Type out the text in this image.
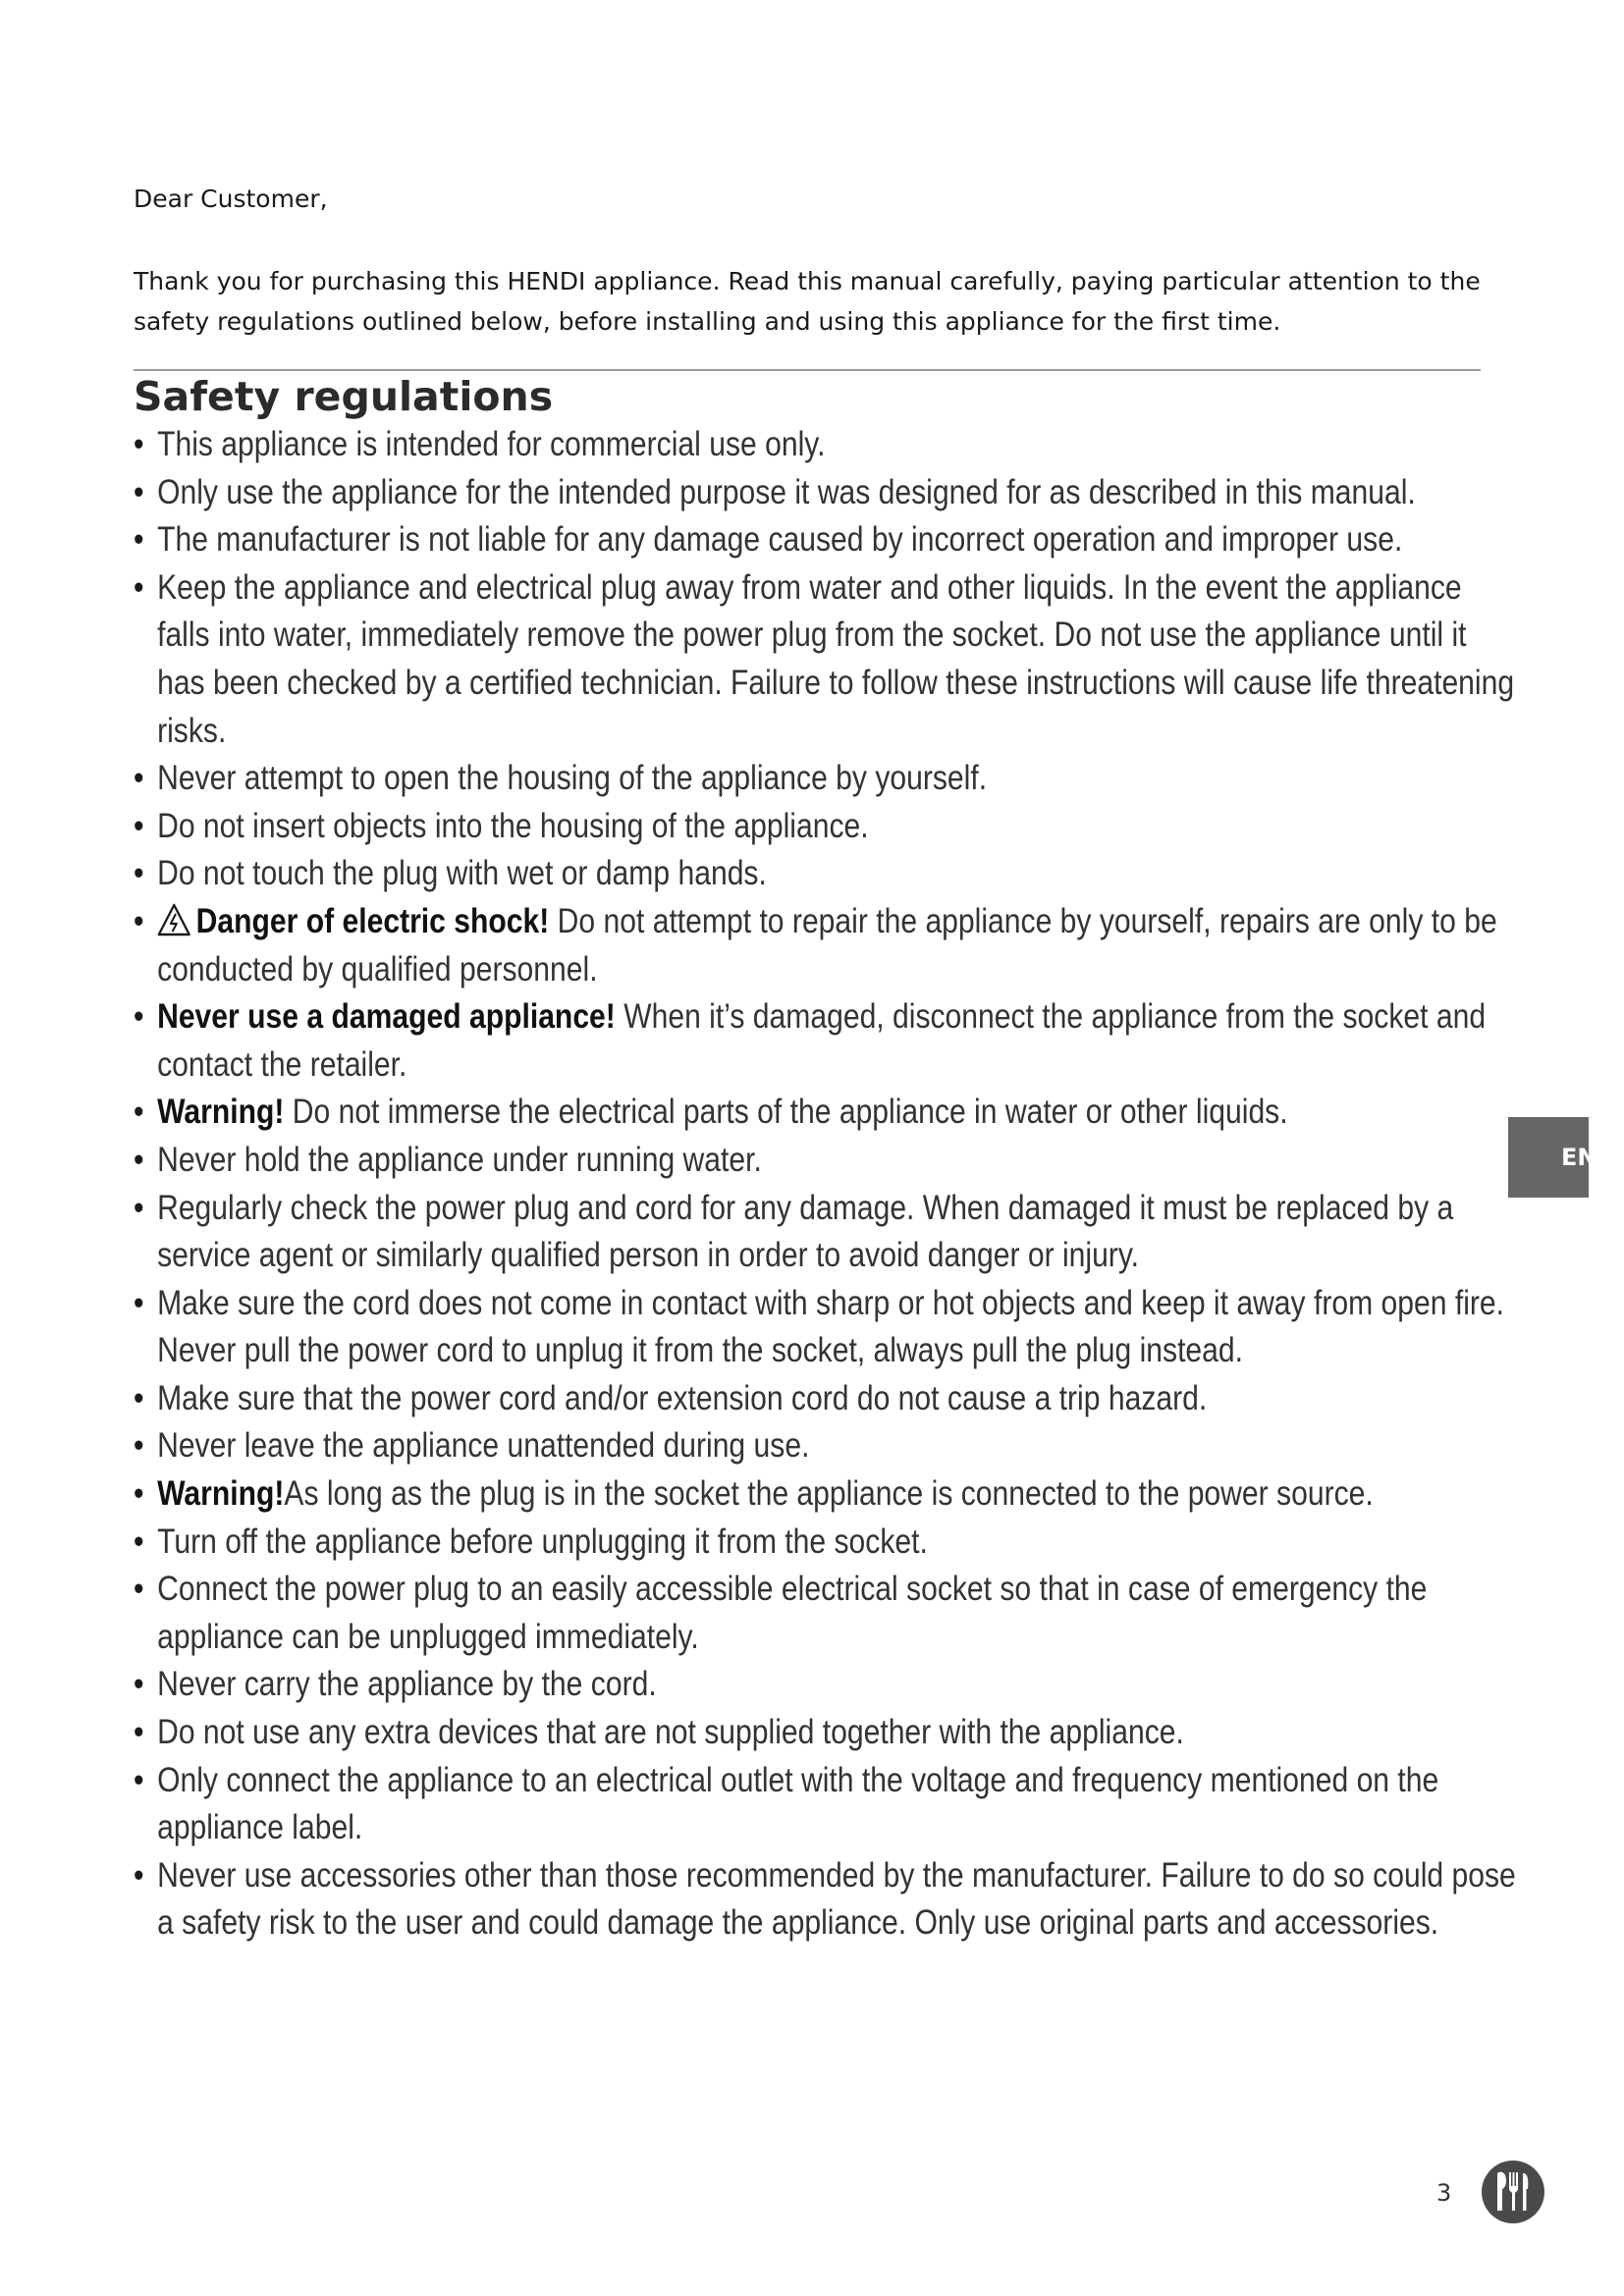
Dear Customer,

Thank you for purchasing this HENDI appliance. Read this manual carefully, paying particular attention to the safety regulations outlined below, before installing and using this appliance for the first time.

Safety regulations
• This appliance is intended for commercial use only.
• Only use the appliance for the intended purpose it was designed for as described in this manual.
• The manufacturer is not liable for any damage caused by incorrect operation and improper use.
• Keep the appliance and electrical plug away from water and other liquids. In the event the appliance falls into water, immediately remove the power plug from the socket. Do not use the appliance until it has been checked by a certified technician. Failure to follow these instructions will cause life threatening risks.
• Never attempt to open the housing of the appliance by yourself.
• Do not insert objects into the housing of the appliance.
• Do not touch the plug with wet or damp hands.
• Danger of electric shock! Do not attempt to repair the appliance by yourself, repairs are only to be conducted by qualified personnel.
• Never use a damaged appliance! When it’s damaged, disconnect the appliance from the socket and contact the retailer.
• Warning! Do not immerse the electrical parts of the appliance in water or other liquids.
• Never hold the appliance under running water.
• Regularly check the power plug and cord for any damage. When damaged it must be replaced by a service agent or similarly qualified person in order to avoid danger or injury.
• Make sure the cord does not come in contact with sharp or hot objects and keep it away from open fire. Never pull the power cord to unplug it from the socket, always pull the plug instead.
• Make sure that the power cord and/or extension cord do not cause a trip hazard.
• Never leave the appliance unattended during use.
• Warning!As long as the plug is in the socket the appliance is connected to the power source.
• Turn off the appliance before unplugging it from the socket.
• Connect the power plug to an easily accessible electrical socket so that in case of emergency the appliance can be unplugged immediately.
• Never carry the appliance by the cord.
• Do not use any extra devices that are not supplied together with the appliance.
• Only connect the appliance to an electrical outlet with the voltage and frequency mentioned on the appliance label.
• Never use accessories other than those recommended by the manufacturer. Failure to do so could pose a safety risk to the user and could damage the appliance. Only use original parts and accessories.
EN
3
